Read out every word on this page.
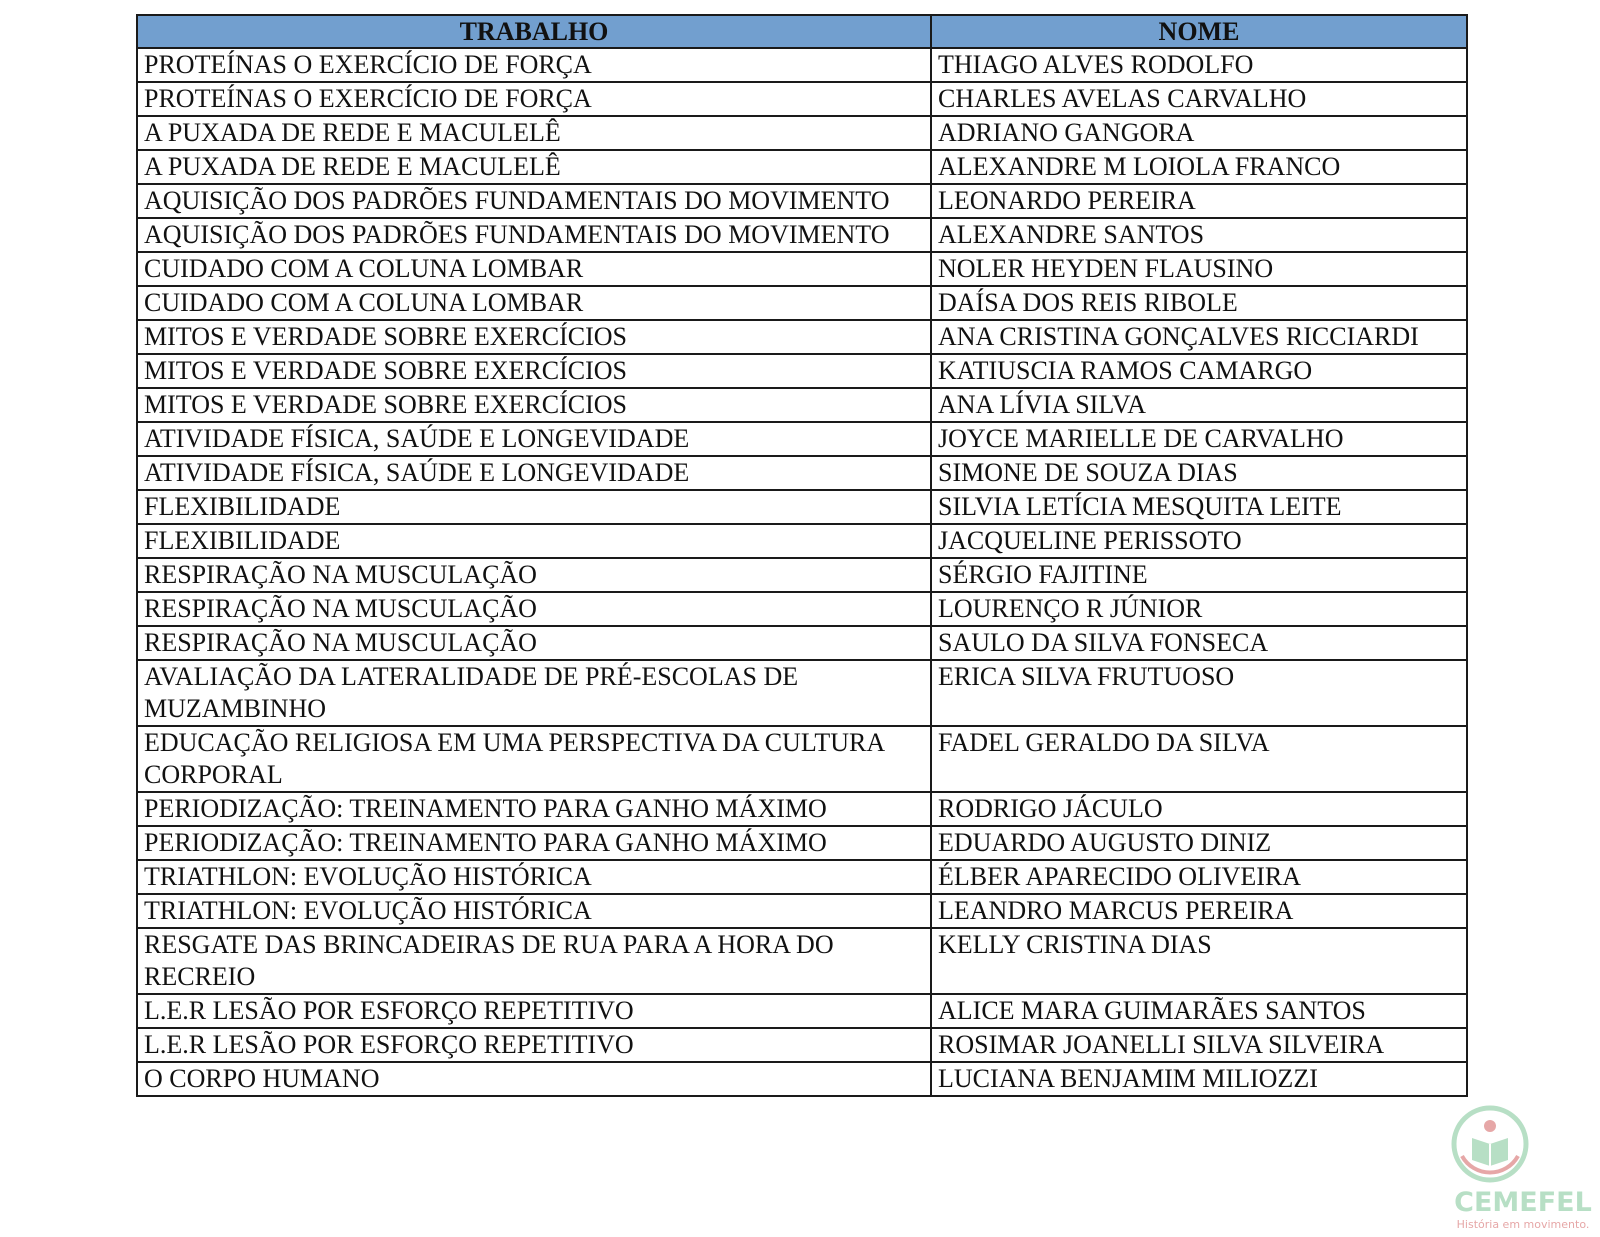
TRABALHO	NOME
PROTEÍNAS O EXERCÍCIO DE FORÇA	THIAGO ALVES RODOLFO
PROTEÍNAS O EXERCÍCIO DE FORÇA	CHARLES AVELAS CARVALHO
A PUXADA DE REDE E MACULELÊ	ADRIANO GANGORA
A PUXADA DE REDE E MACULELÊ	ALEXANDRE M LOIOLA FRANCO
AQUISIÇÃO DOS PADRÕES FUNDAMENTAIS DO MOVIMENTO	LEONARDO PEREIRA
AQUISIÇÃO DOS PADRÕES FUNDAMENTAIS DO MOVIMENTO	ALEXANDRE SANTOS
CUIDADO COM A COLUNA LOMBAR	NOLER HEYDEN FLAUSINO
CUIDADO COM A COLUNA LOMBAR	DAÍSA DOS REIS RIBOLE
MITOS E VERDADE SOBRE EXERCÍCIOS	ANA CRISTINA GONÇALVES RICCIARDI
MITOS E VERDADE SOBRE EXERCÍCIOS	KATIUSCIA RAMOS CAMARGO
MITOS E VERDADE SOBRE EXERCÍCIOS	ANA LÍVIA SILVA
ATIVIDADE FÍSICA, SAÚDE E LONGEVIDADE	JOYCE MARIELLE DE CARVALHO
ATIVIDADE FÍSICA, SAÚDE E LONGEVIDADE	SIMONE DE SOUZA DIAS
FLEXIBILIDADE	SILVIA LETÍCIA MESQUITA LEITE
FLEXIBILIDADE	JACQUELINE PERISSOTO
RESPIRAÇÃO NA MUSCULAÇÃO	SÉRGIO FAJITINE
RESPIRAÇÃO NA MUSCULAÇÃO	LOURENÇO R JÚNIOR
RESPIRAÇÃO NA MUSCULAÇÃO	SAULO DA SILVA FONSECA
AVALIAÇÃO DA LATERALIDADE DE PRÉ-ESCOLAS DE MUZAMBINHO	ERICA SILVA FRUTUOSO
EDUCAÇÃO RELIGIOSA EM UMA PERSPECTIVA DA CULTURA CORPORAL	FADEL GERALDO DA SILVA
PERIODIZAÇÃO: TREINAMENTO PARA GANHO MÁXIMO	RODRIGO JÁCULO
PERIODIZAÇÃO: TREINAMENTO PARA GANHO MÁXIMO	EDUARDO AUGUSTO DINIZ
TRIATHLON: EVOLUÇÃO HISTÓRICA	ÉLBER APARECIDO OLIVEIRA
TRIATHLON: EVOLUÇÃO HISTÓRICA	LEANDRO MARCUS PEREIRA
RESGATE DAS BRINCADEIRAS DE RUA PARA A HORA DO RECREIO	KELLY CRISTINA DIAS
L.E.R LESÃO POR ESFORÇO REPETITIVO	ALICE MARA GUIMARÃES SANTOS
L.E.R LESÃO POR ESFORÇO REPETITIVO	ROSIMAR JOANELLI SILVA SILVEIRA
O CORPO HUMANO	LUCIANA BENJAMIM MILIOZZI
CEMEFEL
História em movimento.
